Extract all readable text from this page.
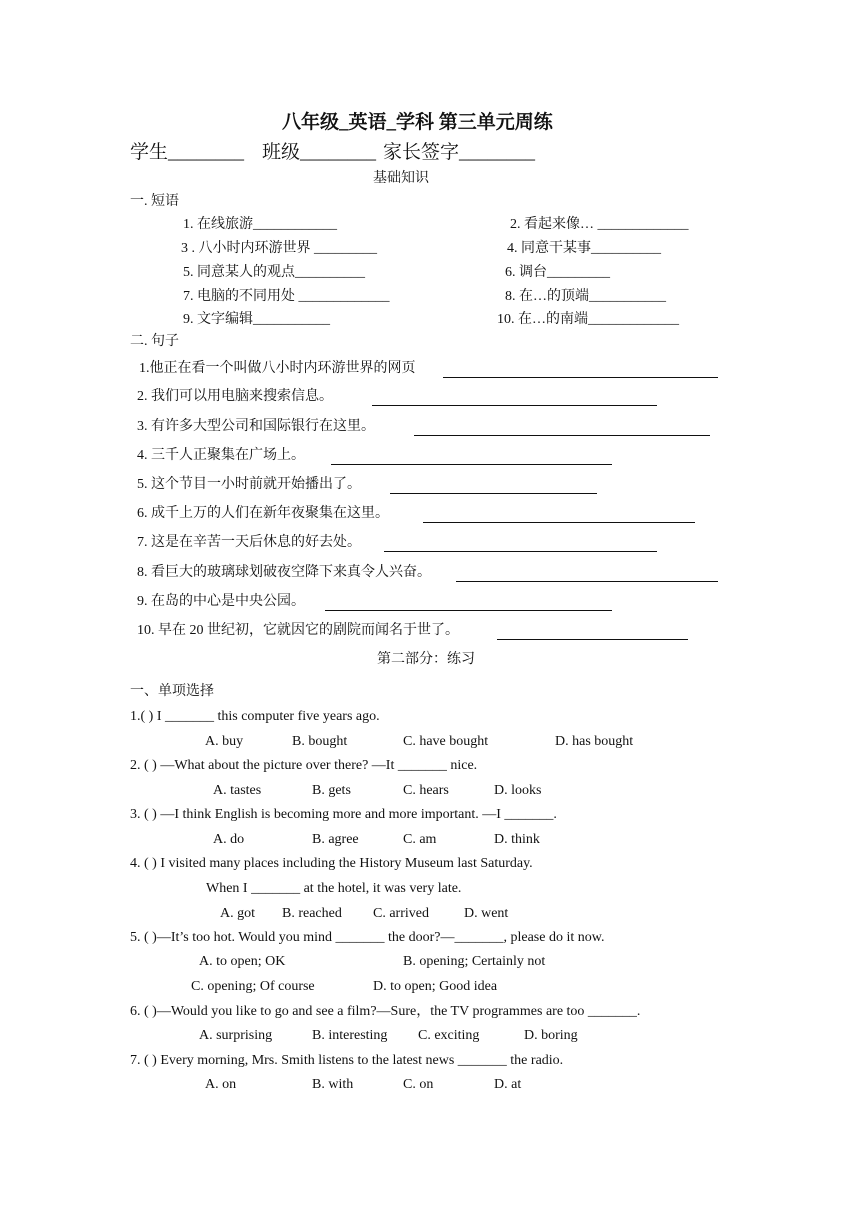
八年级_英语_学科 第三单元周练
学生________ 班级________ 家长签字________
基础知识
一. 短语
1. 在线旅游____________	2. 看起来像… _____________
3 . 八小时内环游世界 _________	4. 同意干某事__________
5. 同意某人的观点__________	6. 调台_________
7. 电脑的不同用处 _____________	8. 在…的顶端___________
9. 文字编辑___________	10. 在…的南端_____________
二. 句子
1.他正在看一个叫做八小时内环游世界的网页
2. 我们可以用电脑来搜索信息。
3. 有许多大型公司和国际银行在这里。
4. 三千人正聚集在广场上。
5. 这个节目一小时前就开始播出了。
6. 成千上万的人们在新年夜聚集在这里。
7. 这是在辛苦一天后休息的好去处。
8. 看巨大的玻璃球划破夜空降下来真令人兴奋。
9. 在岛的中心是中央公园。
10. 早在 20 世纪初，它就因它的剧院而闻名于世了。
第二部分：练习
一、单项选择
1.( ) I _______ this computer five years ago.
A. buy	B. bought	C. have bought	D. has bought
2. ( ) —What about the picture over there? —It _______ nice.
A. tastes	B. gets	C. hears	D. looks
3. ( ) —I think English is becoming more and more important. —I _______.
A. do	B. agree	C. am	D. think
4. ( ) I visited many places including the History Museum last Saturday.
When I _______ at the hotel, it was very late.
A. got B. reached C. arrived	D. went
5. ( )—It’s too hot. Would you mind _______ the door?—_______, please do it now.
A. to open; OK	B. opening; Certainly not
C. opening; Of course	D. to open; Good idea
6. ( )—Would you like to go and see a film?—Sure，the TV programmes are too _______.
A. surprising	B. interesting C. exciting	D. boring
7. ( ) Every morning, Mrs. Smith listens to the latest news _______ the radio.
A. on	B. with	C. on	D. at
